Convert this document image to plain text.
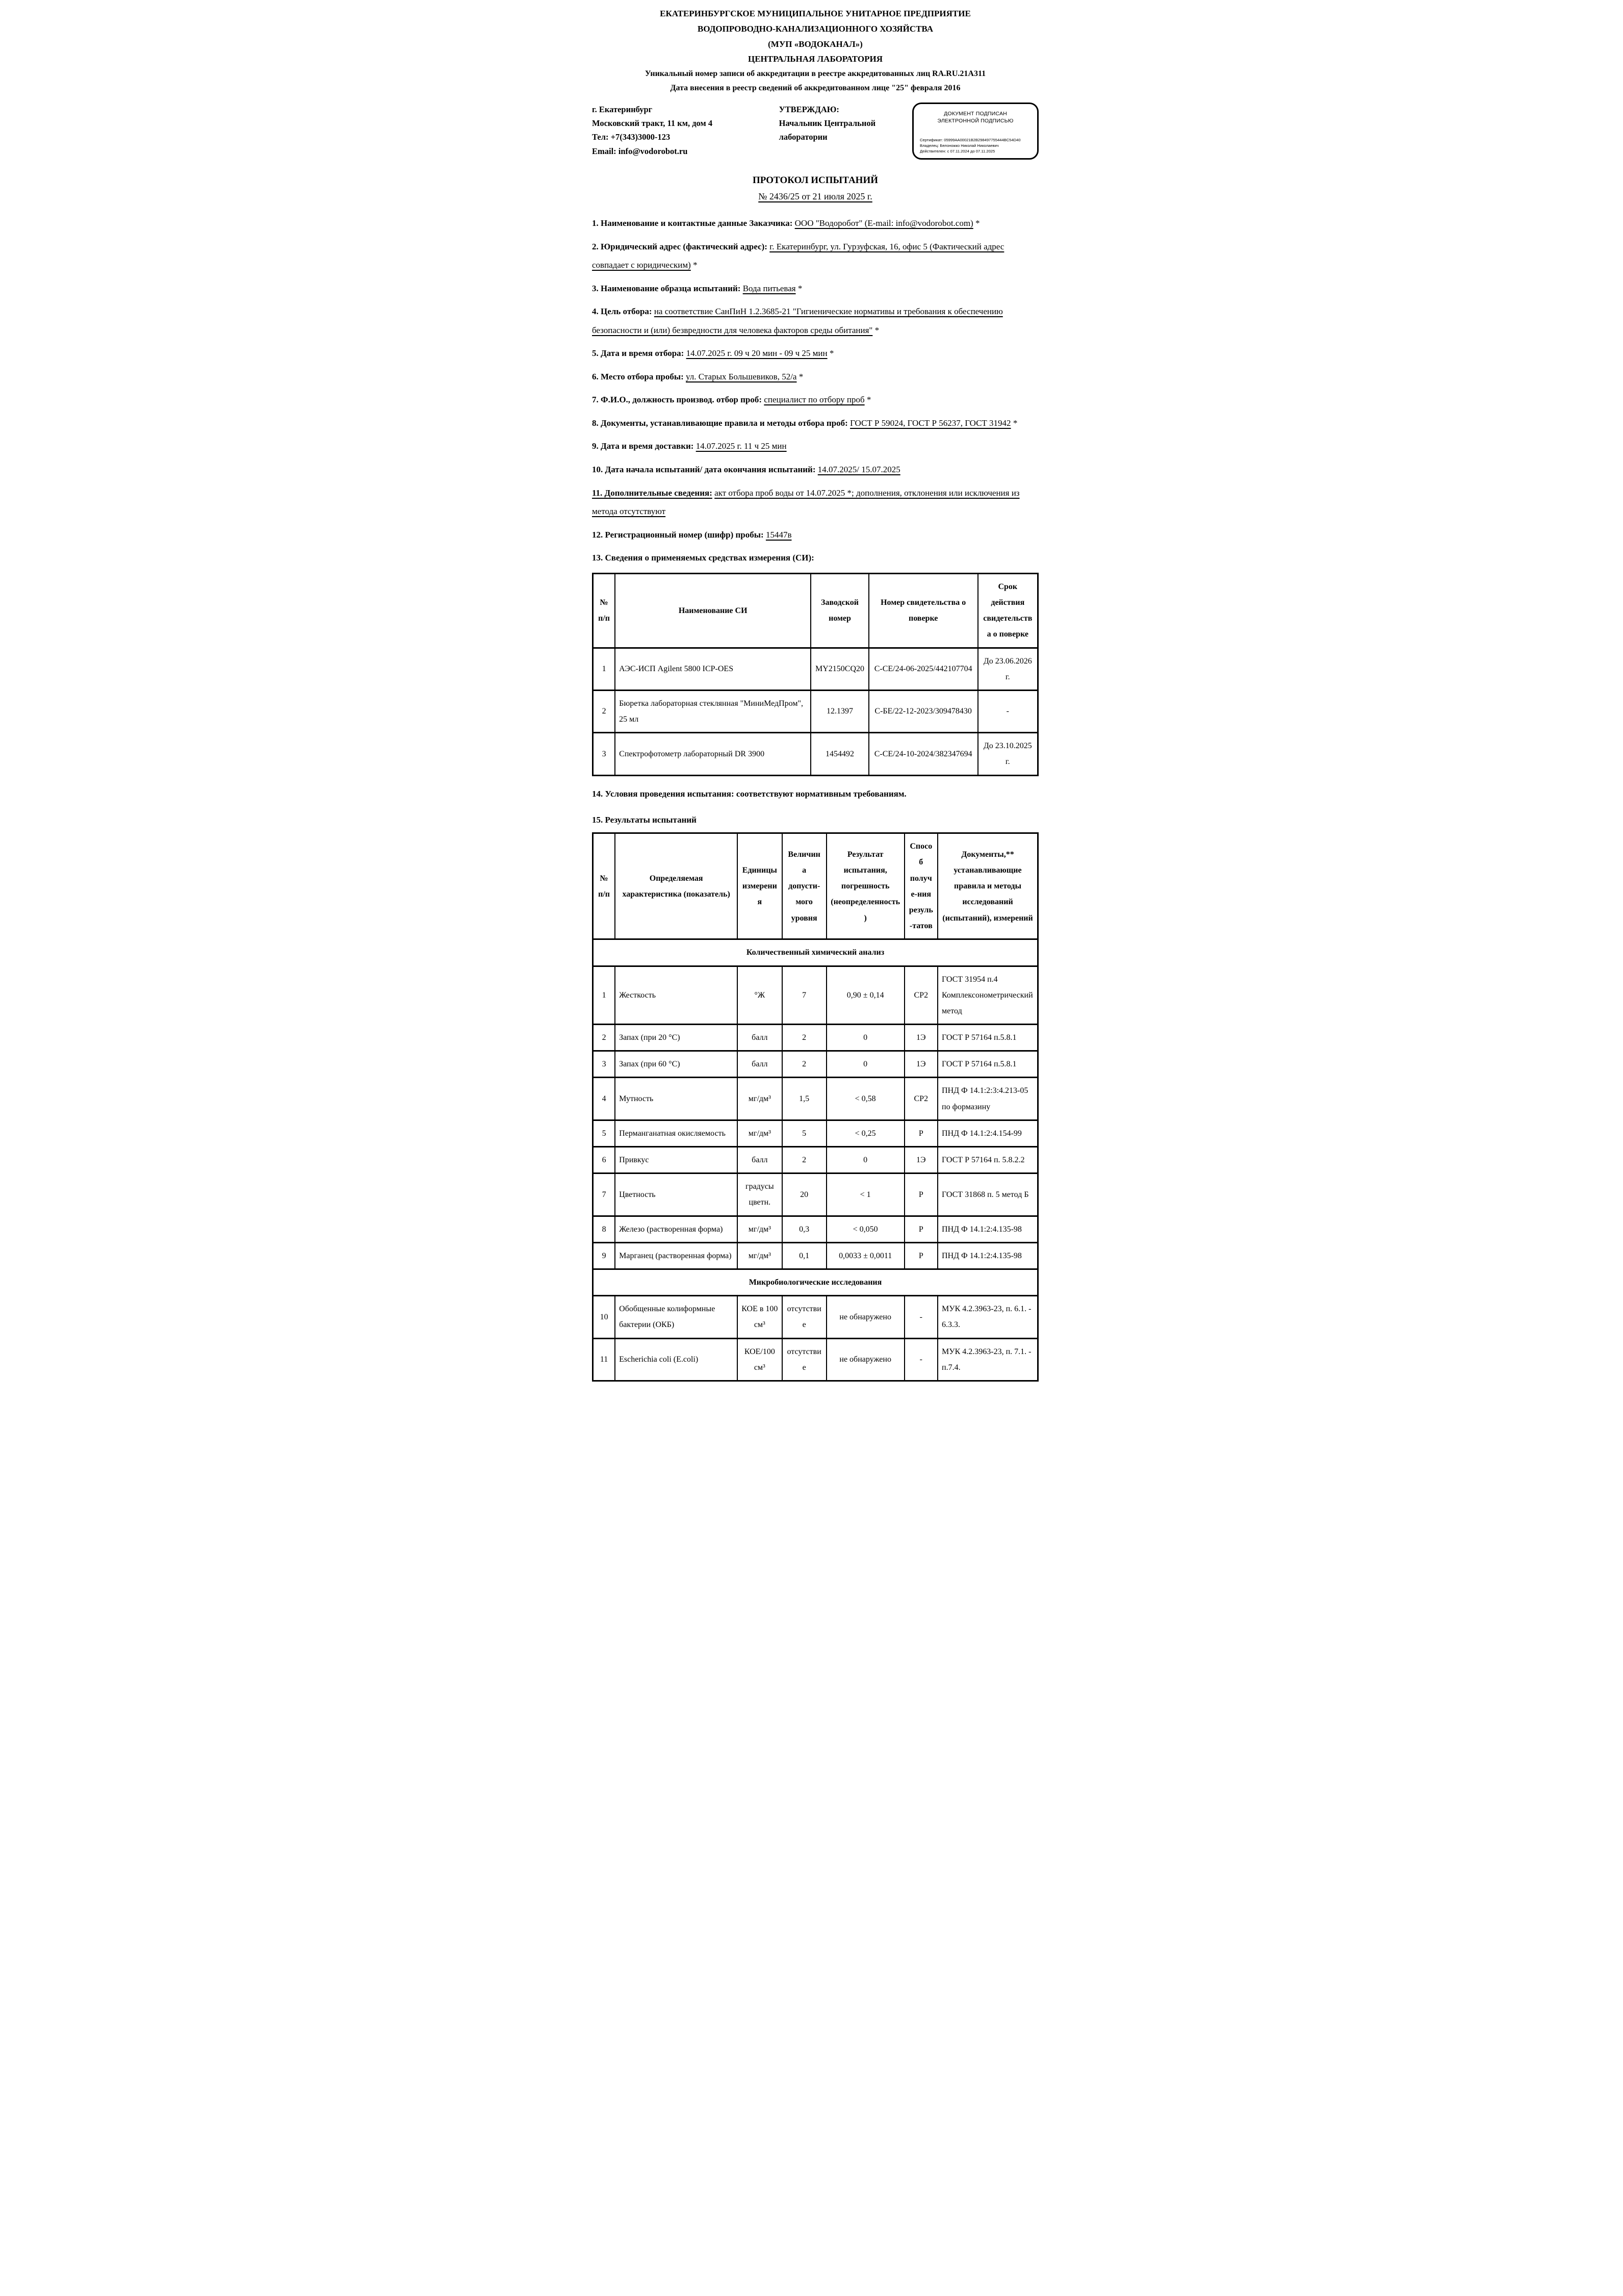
ЕКАТЕРИНБУРГСКОЕ МУНИЦИПАЛЬНОЕ УНИТАРНОЕ ПРЕДПРИЯТИЕ
ВОДОПРОВОДНО-КАНАЛИЗАЦИОННОГО ХОЗЯЙСТВА
(МУП «ВОДОКАНАЛ»)
ЦЕНТРАЛЬНАЯ ЛАБОРАТОРИЯ
Уникальный номер записи об аккредитации в реестре аккредитованных лиц RA.RU.21A311
Дата внесения в реестр сведений об аккредитованном лице "25" февраля 2016
г. Екатеринбург
Московский тракт, 11 км, дом 4
Тел: +7(343)3000-123
Email: info@vodorobot.ru
УТВЕРЖДАЮ:
Начальник Центральной
лаборатории
ДОКУМЕНТ ПОДПИСАН
ЭЛЕКТРОННОЙ ПОДПИСЬЮ
Сертификат: 05999AA00021B2B298497755444BC54D40
Владелец: Белоножко Николай Николаевич
Действителен: с 07.11.2024 до 07.11.2025
ПРОТОКОЛ ИСПЫТАНИЙ
№ 2436/25 от 21 июля 2025 г.
1. Наименование и контактные данные Заказчика: ООО "Водоробот" (E-mail: info@vodorobot.com) *
2. Юридический адрес (фактический адрес): г. Екатеринбург, ул. Гурзуфская, 16, офис 5 (Фактический адрес совпадает с юридическим) *
3. Наименование образца испытаний: Вода питьевая *
4. Цель отбора: на соответствие СанПиН 1.2.3685-21 "Гигиенические нормативы и требования к обеспечению безопасности и (или) безвредности для человека факторов среды обитания" *
5. Дата и время отбора: 14.07.2025 г. 09 ч 20 мин - 09 ч 25 мин *
6. Место отбора пробы: ул. Старых Большевиков, 52/а *
7. Ф.И.О., должность производ. отбор проб: специалист по отбору проб *
8. Документы, устанавливающие правила и методы отбора проб: ГОСТ Р 59024, ГОСТ Р 56237, ГОСТ 31942 *
9. Дата и время доставки: 14.07.2025 г. 11 ч 25 мин
10. Дата начала испытаний/ дата окончания испытаний: 14.07.2025/ 15.07.2025
11. Дополнительные сведения: акт отбора проб воды от 14.07.2025 *; дополнения, отклонения или исключения из метода отсутствуют
12. Регистрационный номер (шифр) пробы: 15447в
13. Сведения о применяемых средствах измерения (СИ):
№ п/п	Наименование СИ	Заводской номер	Номер свидетельства о поверке	Срок действия свидетельства о поверке
1	АЭС-ИСП Agilent 5800 ICP-OES	MY2150CQ20	С-СЕ/24-06-2025/442107704	До 23.06.2026 г.
2	Бюретка лабораторная стеклянная "МиниМедПром", 25 мл	12.1397	С-БЕ/22-12-2023/309478430	-
3	Спектрофотометр лабораторный DR 3900	1454492	С-СЕ/24-10-2024/382347694	До 23.10.2025 г.
14. Условия проведения испытания: соответствуют нормативным требованиям.
15. Результаты испытаний
№ п/п	Определяемая характеристика (показатель)	Единицы измерения	Величина допусти-мого уровня	Результат испытания, погрешность (неопределенность)	Способ получе-ния резуль-татов	Документы,** устанавливающие правила и методы исследований (испытаний), измерений
Количественный химический анализ						
1	Жесткость	°Ж	7	0,90 ± 0,14	СР2	ГОСТ 31954 п.4 Комплексонометрический метод
2	Запах (при 20 °С)	балл	2	0	1Э	ГОСТ Р 57164 п.5.8.1
3	Запах (при 60 °С)	балл	2	0	1Э	ГОСТ Р 57164 п.5.8.1
4	Мутность	мг/дм³	1,5	< 0,58	СР2	ПНД Ф 14.1:2:3:4.213-05 по формазину
5	Перманганатная окисляемость	мг/дм³	5	< 0,25	Р	ПНД Ф 14.1:2:4.154-99
6	Привкус	балл	2	0	1Э	ГОСТ Р 57164 п. 5.8.2.2
7	Цветность	градусы цветн.	20	< 1	Р	ГОСТ 31868 п. 5 метод Б
8	Железо (растворенная форма)	мг/дм³	0,3	< 0,050	Р	ПНД Ф 14.1:2:4.135-98
9	Марганец (растворенная форма)	мг/дм³	0,1	0,0033 ± 0,0011	Р	ПНД Ф 14.1:2:4.135-98
Микробиологические исследования						
10	Обобщенные колиформные бактерии (ОКБ)	КОЕ в 100 см³	отсутствие	не обнаружено	-	МУК 4.2.3963-23, п. 6.1. - 6.3.3.
11	Escherichia coli (E.coli)	КОЕ/100 см³	отсутствие	не обнаружено	-	МУК 4.2.3963-23, п. 7.1. - п.7.4.
